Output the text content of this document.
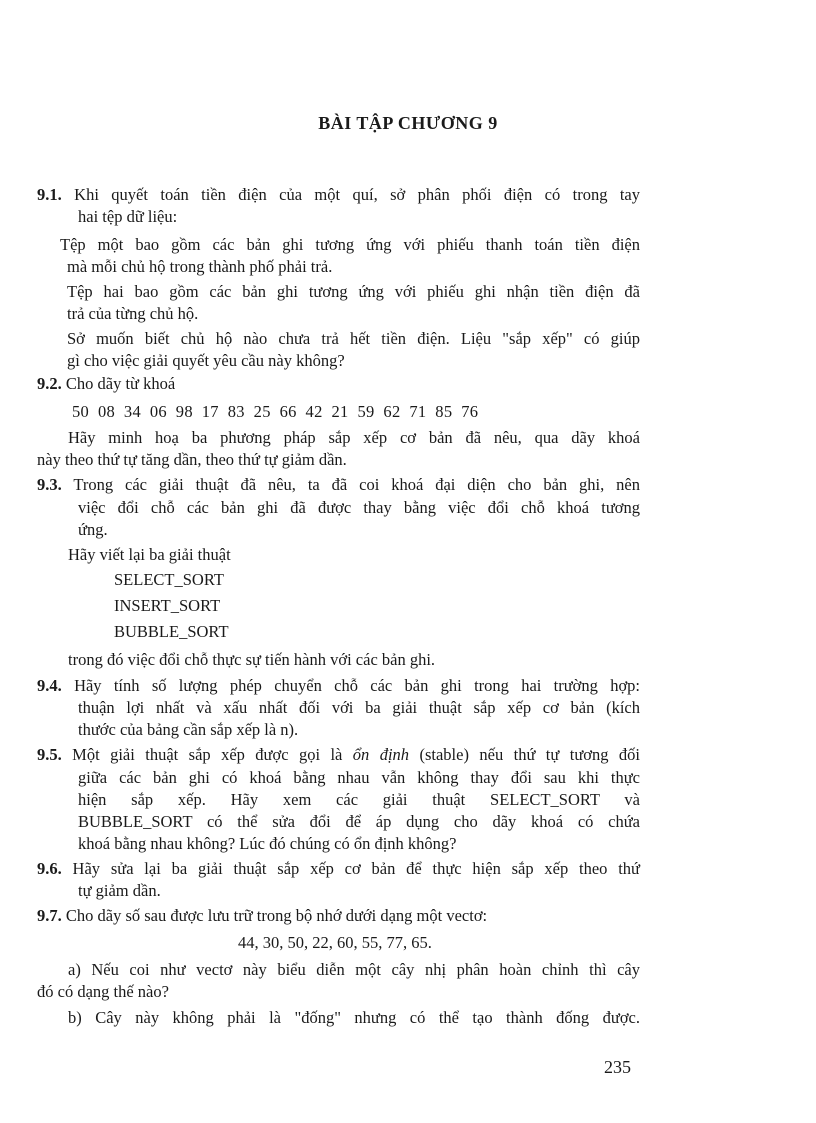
BÀI TẬP CHƯƠNG 9
9.1. Khi quyết toán tiền điện của một quí, sở phân phối điện có trong tay
hai tệp dữ liệu:
Tệp một bao gồm các bản ghi tương ứng với phiếu thanh toán tiền điện
mà mỗi chủ hộ trong thành phố phải trả.
Tệp hai bao gồm các bản ghi tương ứng với phiếu ghi nhận tiền điện đã
trả của từng chủ hộ.
Sở muốn biết chủ hộ nào chưa trả hết tiền điện. Liệu "sắp xếp" có giúp
gì cho việc giải quyết yêu cầu này không?
9.2. Cho dãy từ khoá
50  08  34  06  98  17  83  25  66  42  21  59  62  71  85  76
Hãy minh hoạ ba phương pháp sắp xếp cơ bản đã nêu, qua dãy khoá
này theo thứ tự tăng dần, theo thứ tự giảm dần.
9.3. Trong các giải thuật đã nêu, ta đã coi khoá đại diện cho bản ghi, nên
việc đổi chỗ các bản ghi đã được thay bằng việc đổi chỗ khoá tương
ứng.
Hãy viết lại ba giải thuật
SELECT_SORT
INSERT_SORT
BUBBLE_SORT
trong đó việc đổi chỗ thực sự tiến hành với các bản ghi.
9.4. Hãy tính số lượng phép chuyển chỗ các bản ghi trong hai trường hợp:
thuận lợi nhất và xấu nhất đối với ba giải thuật sắp xếp cơ bản (kích
thước của bảng cần sắp xếp là n).
9.5. Một giải thuật sắp xếp được gọi là ổn định (stable) nếu thứ tự tương đối
giữa các bản ghi có khoá bằng nhau vẫn không thay đổi sau khi thực
hiện sắp xếp. Hãy xem các giải thuật SELECT_SORT và
BUBBLE_SORT có thể sửa đổi để áp dụng cho dãy khoá có chứa
khoá bằng nhau không? Lúc đó chúng có ổn định không?
9.6. Hãy sửa lại ba giải thuật sắp xếp cơ bản để thực hiện sắp xếp theo thứ
tự giảm dần.
9.7. Cho dãy số sau được lưu trữ trong bộ nhớ dưới dạng một vectơ:
44, 30, 50, 22, 60, 55, 77, 65.
a) Nếu coi như vectơ này biểu diễn một cây nhị phân hoàn chỉnh thì cây
đó có dạng thế nào?
b) Cây này không phải là "đống" nhưng có thể tạo thành đống được.
235
